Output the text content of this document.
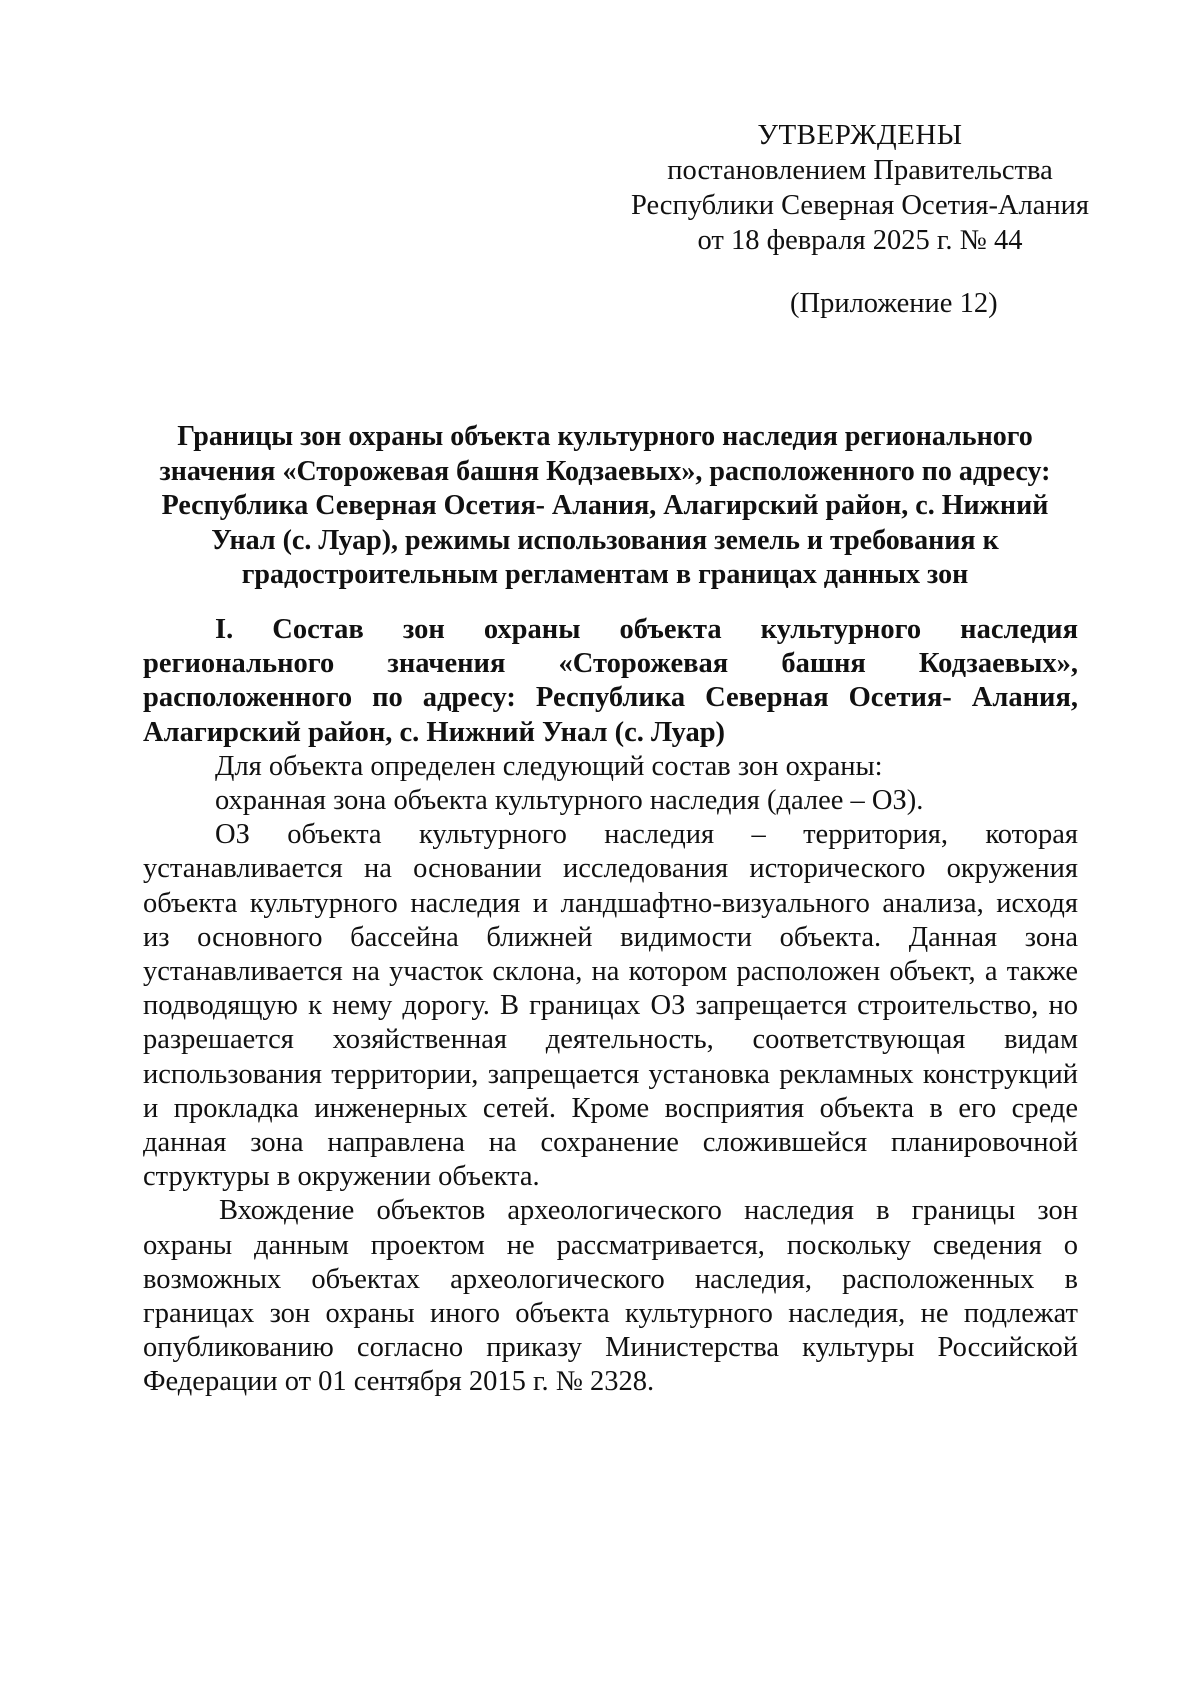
УТВЕРЖДЕНЫ
постановлением Правительства
Республики Северная Осетия-Алания
от 18 февраля 2025 г. № 44
(Приложение 12)
Границы зон охраны объекта культурного наследия регионального
значения «Сторожевая башня Кодзаевых», расположенного по адресу:
Республика Северная Осетия- Алания, Алагирский район, с. Нижний
Унал (с. Луар), режимы использования земель и требования к
градостроительным регламентам в границах данных зон

I. Состав зон охраны объекта культурного наследия регионального значения «Сторожевая башня Кодзаевых», расположенного по адресу: Республика Северная Осетия- Алания, Алагирский район, с. Нижний Унал (с. Луар)

Для объекта определен следующий состав зон охраны:

охранная зона объекта культурного наследия (далее – ОЗ).

ОЗ объекта культурного наследия – территория, которая устанавливается на основании исследования исторического окружения объекта культурного наследия и ландшафтно-визуального анализа, исходя из основного бассейна ближней видимости объекта. Данная зона устанавливается на участок склона, на котором расположен объект, а также подводящую к нему дорогу. В границах ОЗ запрещается строительство, но разрешается хозяйственная деятельность, соответствующая видам использования территории, запрещается установка рекламных конструкций и прокладка инженерных сетей. Кроме восприятия объекта в его среде данная зона направлена на сохранение сложившейся планировочной структуры в окружении объекта.

Вхождение объектов археологического наследия в границы зон охраны данным проектом не рассматривается, поскольку сведения о возможных объектах археологического наследия, расположенных в границах зон охраны иного объекта культурного наследия, не подлежат опубликованию согласно приказу Министерства культуры Российской Федерации от 01 сентября 2015 г. № 2328.
